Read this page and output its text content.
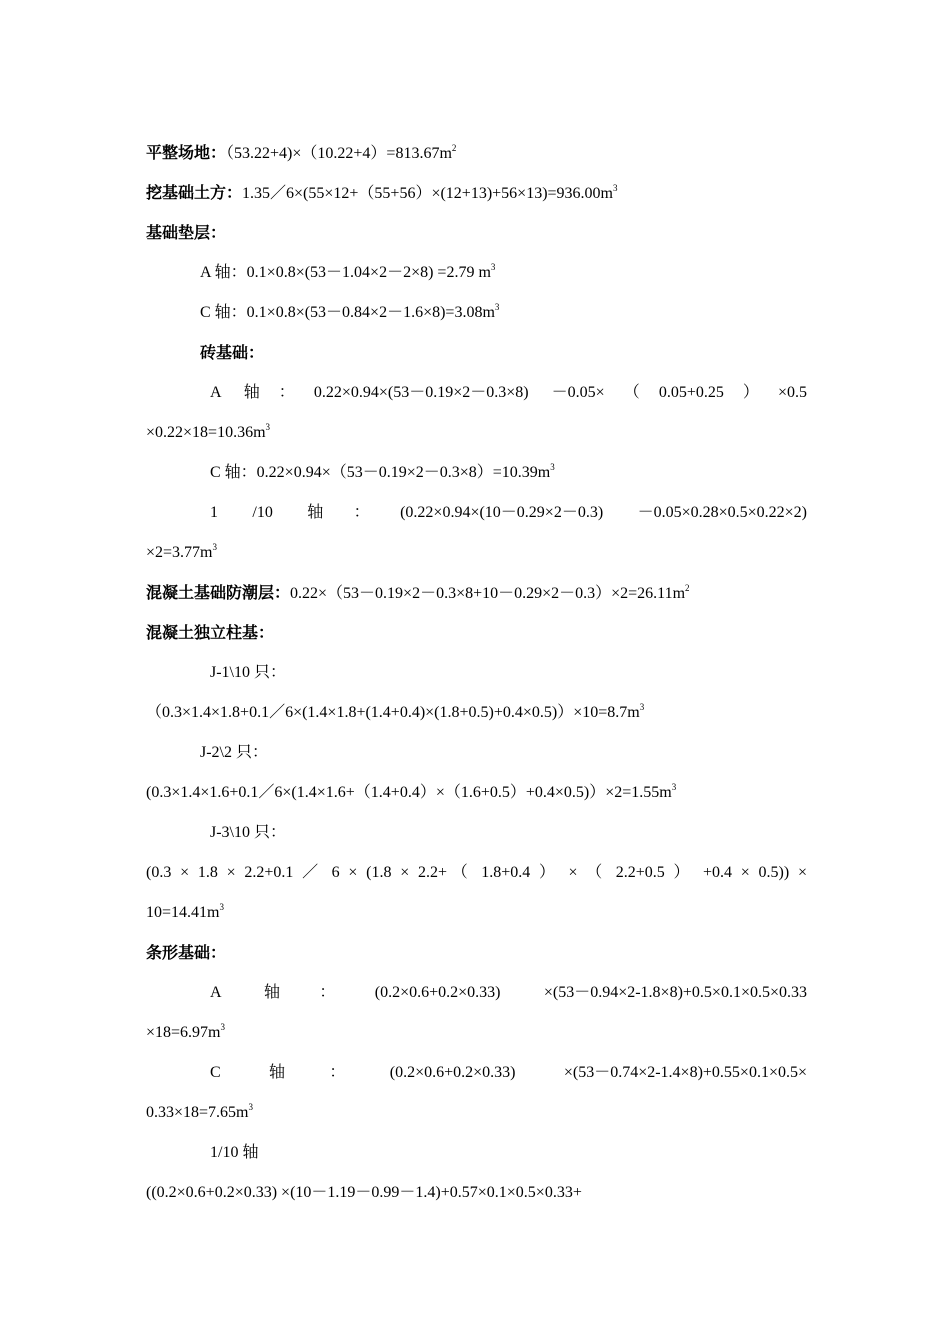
平整场地：$(53.22+4)\times(10.22+4)=813.67m^2$
挖基础土方：$1.35/6\times(55\times 12+(55+56)\times(12+13)+56\times 13)=936.00m^3$
基础垫层：
A 轴：0.1×0.8×(53－1.04×2－2×8) =2.79 $m^3$
C 轴：$0.1\times 0.8\times(53-0.84\times 2-1.6\times 8)=3.08m^3$
砖基础：
A 轴：0.22×0.94×(53－0.19×2－0.3×8) －0.05×（0.05+0.25）×0.5
$\times 0.22\times 18=10.36m^3$
C 轴：$0.22\times 0.94\times(53-0.19\times 2-0.3\times 8)=10.39m^3$
1 /10 轴：(0.22×0.94×(10－0.29×2－0.3) －0.05×0.28×0.5×0.22×2)
$\times 2=3.77m^3$
混凝土基础防潮层：$0.22\times(53-0.19\times 2-0.3\times 8+10-0.29\times 2-0.3)\times 2=26.11m^2$
混凝土独立柱基：
J-1\10 只：
$(0.3\times 1.4\times 1.8+0.1/6\times(1.4\times 1.8+(1.4+0.4)\times(1.8+0.5)+0.4\times 0.5))\times 10=8.7m^3$
J-2\2 只：
$(0.3\times 1.4\times 1.6+0.1/6\times(1.4\times 1.6+(1.4+0.4)\times(1.6+0.5)+0.4\times 0.5))\times 2=1.55m^3$
J-3\10 只：
(0.3 × 1.8 × 2.2+0.1 ／ 6 × (1.8 × 2.2+（ 1.8+0.4 ） × （ 2.2+0.5 ） +0.4 × 0.5)) ×
$10=14.41m^3$
条形基础：
A 轴：(0.2×0.6+0.2×0.33) ×(53－0.94×2-1.8×8)+0.5×0.1×0.5×0.33
$\times 18=6.97m^3$
C 轴：(0.2×0.6+0.2×0.33) ×(53－0.74×2-1.4×8)+0.55×0.1×0.5×
$0.33\times 18=7.65m^3$
1/10 轴
((0.2×0.6+0.2×0.33) ×(10－1.19－0.99－1.4)+0.57×0.1×0.5×0.33+
